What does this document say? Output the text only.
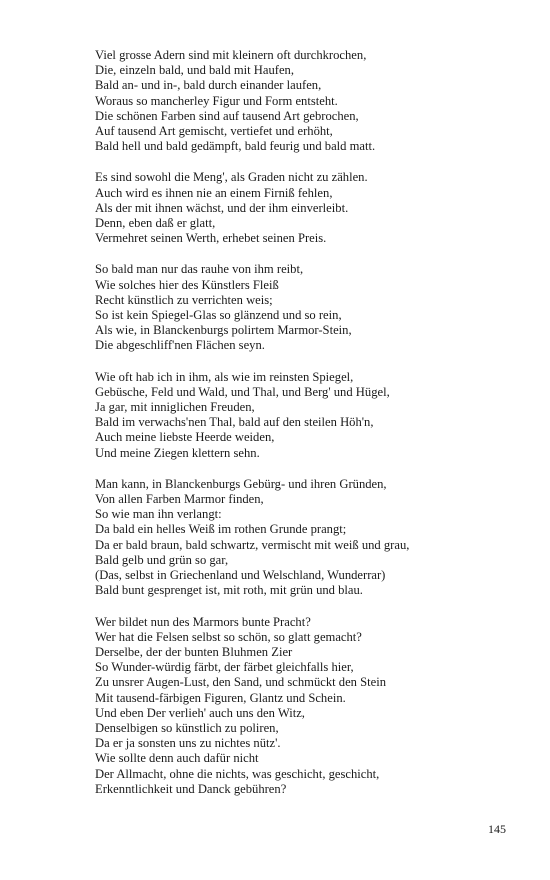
Viel grosse Adern sind mit kleinern oft durchkrochen,
Die, einzeln bald, und bald mit Haufen,
Bald an- und in-, bald durch einander laufen,
Woraus so mancherley Figur und Form entsteht.
Die schönen Farben sind auf tausend Art gebrochen,
Auf tausend Art gemischt, vertiefet und erhöht,
Bald hell und bald gedämpft, bald feurig und bald matt.
Es sind sowohl die Meng', als Graden nicht zu zählen.
Auch wird es ihnen nie an einem Firniß fehlen,
Als der mit ihnen wächst, und der ihm einverleibt.
Denn, eben daß er glatt,
Vermehret seinen Werth, erhebet seinen Preis.
So bald man nur das rauhe von ihm reibt,
Wie solches hier des Künstlers Fleiß
Recht künstlich zu verrichten weis;
So ist kein Spiegel-Glas so glänzend und so rein,
Als wie, in Blanckenburgs polirtem Marmor-Stein,
Die abgeschliff'nen Flächen seyn.
Wie oft hab ich in ihm, als wie im reinsten Spiegel,
Gebüsche, Feld und Wald, und Thal, und Berg' und Hügel,
Ja gar, mit inniglichen Freuden,
Bald im verwachs'nen Thal, bald auf den steilen Höh'n,
Auch meine liebste Heerde weiden,
Und meine Ziegen klettern sehn.
Man kann, in Blanckenburgs Gebürg- und ihren Gründen,
Von allen Farben Marmor finden,
So wie man ihn verlangt:
Da bald ein helles Weiß im rothen Grunde prangt;
Da er bald braun, bald schwartz, vermischt mit weiß und grau,
Bald gelb und grün so gar,
(Das, selbst in Griechenland und Welschland, Wunderrar)
Bald bunt gesprenget ist, mit roth, mit grün und blau.
Wer bildet nun des Marmors bunte Pracht?
Wer hat die Felsen selbst so schön, so glatt gemacht?
Derselbe, der der bunten Bluhmen Zier
So Wunder-würdig färbt, der färbet gleichfalls hier,
Zu unsrer Augen-Lust, den Sand, und schmückt den Stein
Mit tausend-färbigen Figuren, Glantz und Schein.
Und eben Der verlieh' auch uns den Witz,
Denselbigen so künstlich zu poliren,
Da er ja sonsten uns zu nichtes nütz'.
Wie sollte denn auch dafür nicht
Der Allmacht, ohne die nichts, was geschicht, geschicht,
Erkenntlichkeit und Danck gebühren?
145
